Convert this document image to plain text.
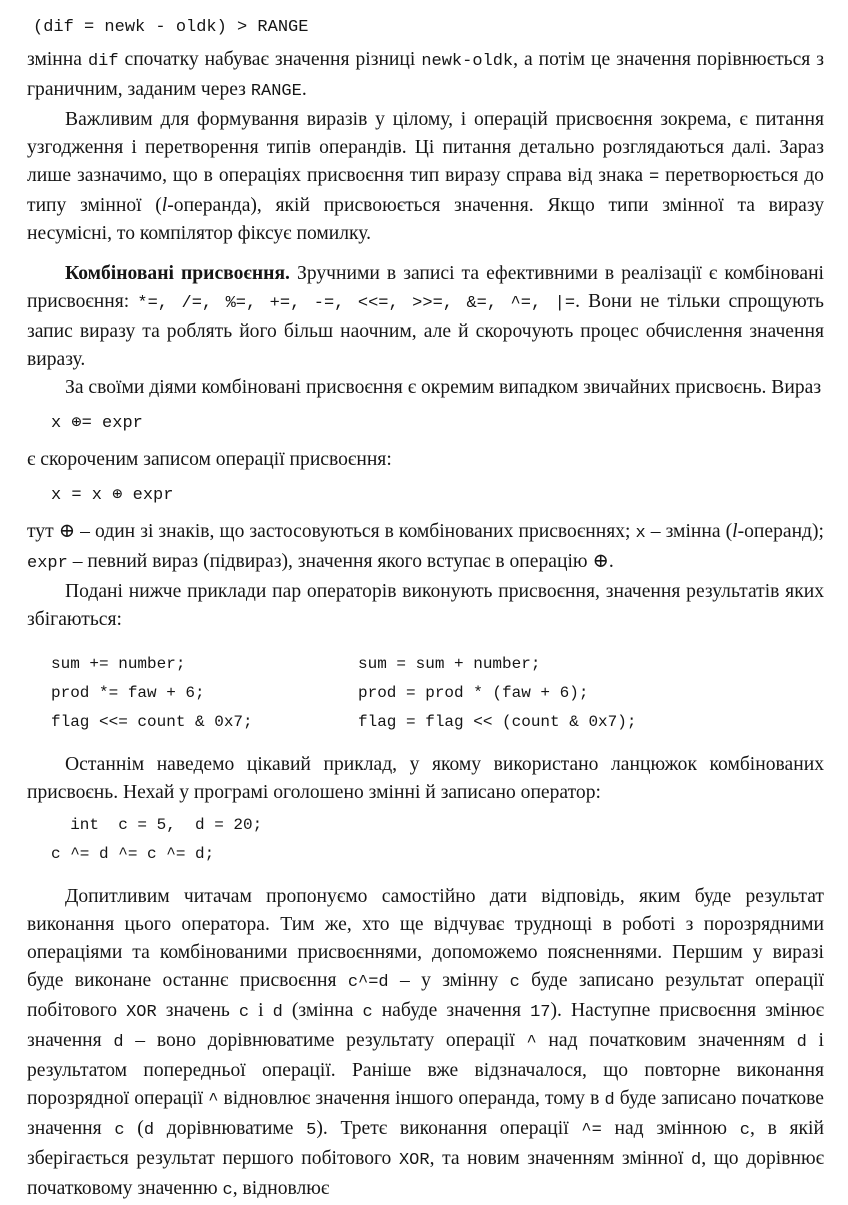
(dif = newk - oldk) > RANGE

змінна dif спочатку набуває значення різниці newk-oldk, а потім це значення порівнюється з граничним, заданим через RANGE.

Важливим для формування виразів у цілому, і операцій присвоєння зокрема, є питання узгодження і перетворення типів операндів. Ці питання детально розглядаються далі. Зараз лише зазначимо, що в операціях присвоєння тип виразу справа від знака = перетворюється до типу змінної (l-операнда), якій присвоюється значення. Якщо типи змінної та виразу несумісні, то компілятор фіксує помилку.

Комбіновані присвоєння. Зручними в записі та ефективними в реалізації є комбіновані присвоєння: *=, /=, %=, +=, -=, <<=, >>=, &=, ^=, |=. Вони не тільки спрощують запис виразу та роблять його більш наочним, але й скорочують процес обчислення значення виразу.

За своїми діями комбіновані присвоєння є окремим випадком звичайних присвоєнь. Вираз

x ⊕= expr

є скороченим записом операції присвоєння:

x = x ⊕ expr

тут ⊕ – один зі знаків, що застосовуються в комбінованих присвоєннях; x – змінна (l-операнд); expr – певний вираз (підвираз), значення якого вступає в операцію ⊕.

Подані нижче приклади пар операторів виконують присвоєння, значення результатів яких збігаються:

sum += number;	sum = sum + number;
prod *= faw + 6;	prod = prod * (faw + 6);
flag <<= count & 0x7;	flag = flag << (count & 0x7);

Останнім наведемо цікавий приклад, у якому використано ланцюжок комбінованих присвоєнь. Нехай у програмі оголошено змінні й записано оператор:

int  c = 5,  d = 20;
c ^= d ^= c ^= d;

Допитливим читачам пропонуємо самостійно дати відповідь, яким буде результат виконання цього оператора. Тим же, хто ще відчуває труднощі в роботі з порозрядними операціями та комбінованими присвоєннями, допоможемо поясненнями. Першим у виразі буде виконане останнє присвоєння c^=d – у змінну c буде записано результат операції побітового XOR значень c і d (змінна c набуде значення 17). Наступне присвоєння змінює значення d – воно дорівнюватиме результату операції ^ над початковим значенням d і результатом попередньої операції. Раніше вже відзначалося, що повторне виконання порозрядної операції ^ відновлює значення іншого операнда, тому в d буде записано початкове значення c (d дорівнюватиме 5). Третє виконання операції ^= над змінною c, в якій зберігається результат першого побітового XOR, та новим значенням змінної d, що дорівнює початковому значенню c, відновлює
